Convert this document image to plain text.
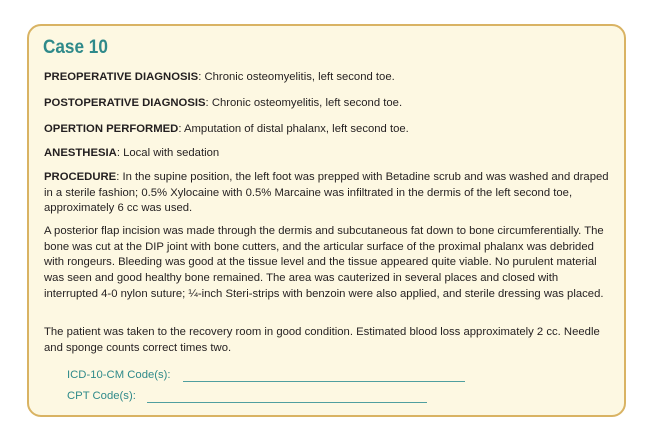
Case 10

PREOPERATIVE DIAGNOSIS: Chronic osteomyelitis, left second toe.

POSTOPERATIVE DIAGNOSIS: Chronic osteomyelitis, left second toe.

OPERTION PERFORMED: Amputation of distal phalanx, left second toe.

ANESTHESIA: Local with sedation

PROCEDURE: In the supine position, the left foot was prepped with Betadine scrub and was washed and draped in a sterile fashion; 0.5% Xylocaine with 0.5% Marcaine was infiltrated in the dermis of the left second toe, approximately 6 cc was used.

A posterior flap incision was made through the dermis and subcutaneous fat down to bone circumferentially. The bone was cut at the DIP joint with bone cutters, and the articular surface of the proximal phalanx was debrided with rongeurs. Bleeding was good at the tissue level and the tissue appeared quite viable. No purulent material was seen and good healthy bone remained. The area was cauterized in several places and closed with interrupted 4-0 nylon suture; ¼-inch Steri-strips with benzoin were also applied, and sterile dressing was placed.

The patient was taken to the recovery room in good condition. Estimated blood loss approximately 2 cc. Needle and sponge counts correct times two.

ICD-10-CM Code(s):
CPT Code(s):
